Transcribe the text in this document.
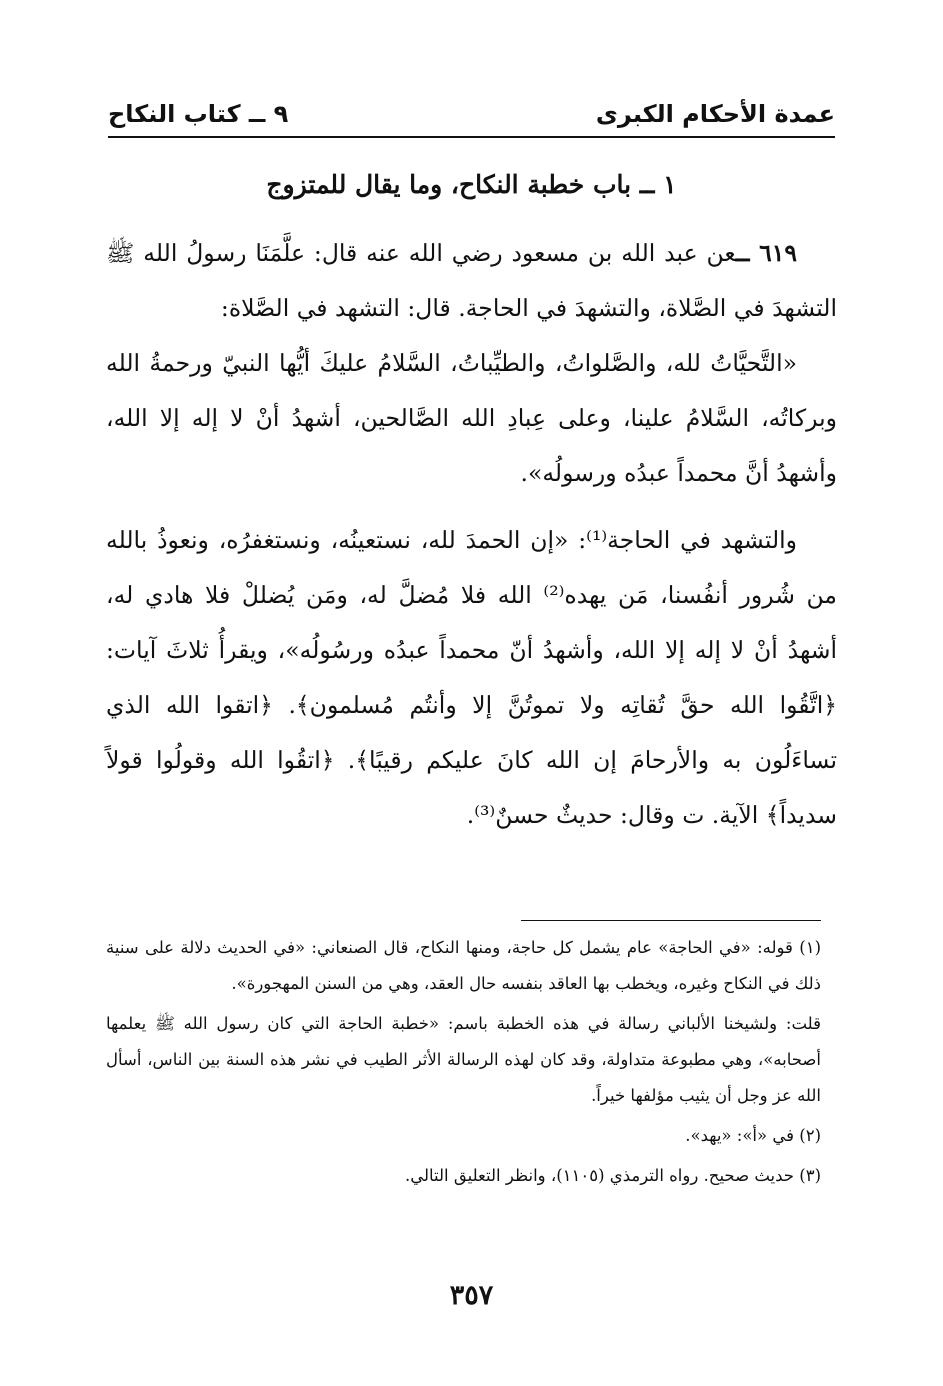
عمدة الأحكام الكبرى
٩ ــ كتاب النكاح
١ ــ باب خطبة النكاح، وما يقال للمتزوج

٦١٩ ــعن عبد الله بن مسعود رضي الله عنه قال: علَّمَنَا رسولُ الله ﷺ التشهدَ في الصَّلاة، والتشهدَ في الحاجة. قال: التشهد في الصَّلاة:

«التَّحيَّاتُ لله، والصَّلواتُ، والطيِّباتُ، السَّلامُ عليكَ أيُّها النبيّ ورحمةُ الله وبركاتُه، السَّلامُ علينا، وعلى عِبادِ الله الصَّالحين، أشهدُ أنْ لا إله إلا الله، وأشهدُ أنَّ محمداً عبدُه ورسولُه».

والتشهد في الحاجة⁽¹⁾: «إن الحمدَ لله، نستعينُه، ونستغفرُه، ونعوذُ بالله من شُرور أنفُسنا، مَن يهده⁽²⁾ الله فلا مُضلَّ له، ومَن يُضللْ فلا هادي له، أشهدُ أنْ لا إله إلا الله، وأشهدُ أنّ محمداً عبدُه ورسُولُه»، ويقرأُ ثلاثَ آيات: ﴿اتَّقُوا الله حقَّ تُقاتِه ولا تموتُنَّ إلا وأنتُم مُسلمون﴾. ﴿اتقوا الله الذي تساءَلُون به والأرحامَ إن الله كانَ عليكم رقيبًا﴾. ﴿اتقُوا الله وقولُوا قولاً سديداً﴾ الآية. ت وقال: حديثٌ حسنٌ⁽³⁾.

(١) قوله: «في الحاجة» عام يشمل كل حاجة، ومنها النكاح، قال الصنعاني: «في الحديث دلالة على سنية ذلك في النكاح وغيره، ويخطب بها العاقد بنفسه حال العقد، وهي من السنن المهجورة».

قلت: ولشيخنا الألباني رسالة في هذه الخطبة باسم: «خطبة الحاجة التي كان رسول الله ﷺ يعلمها أصحابه»، وهي مطبوعة متداولة، وقد كان لهذه الرسالة الأثر الطيب في نشر هذه السنة بين الناس، أسأل الله عز وجل أن يثيب مؤلفها خيراً.

(٢) في «أ»: «يهد».

(٣) حديث صحيح. رواه الترمذي (١١٠٥)، وانظر التعليق التالي.

٣٥٧
